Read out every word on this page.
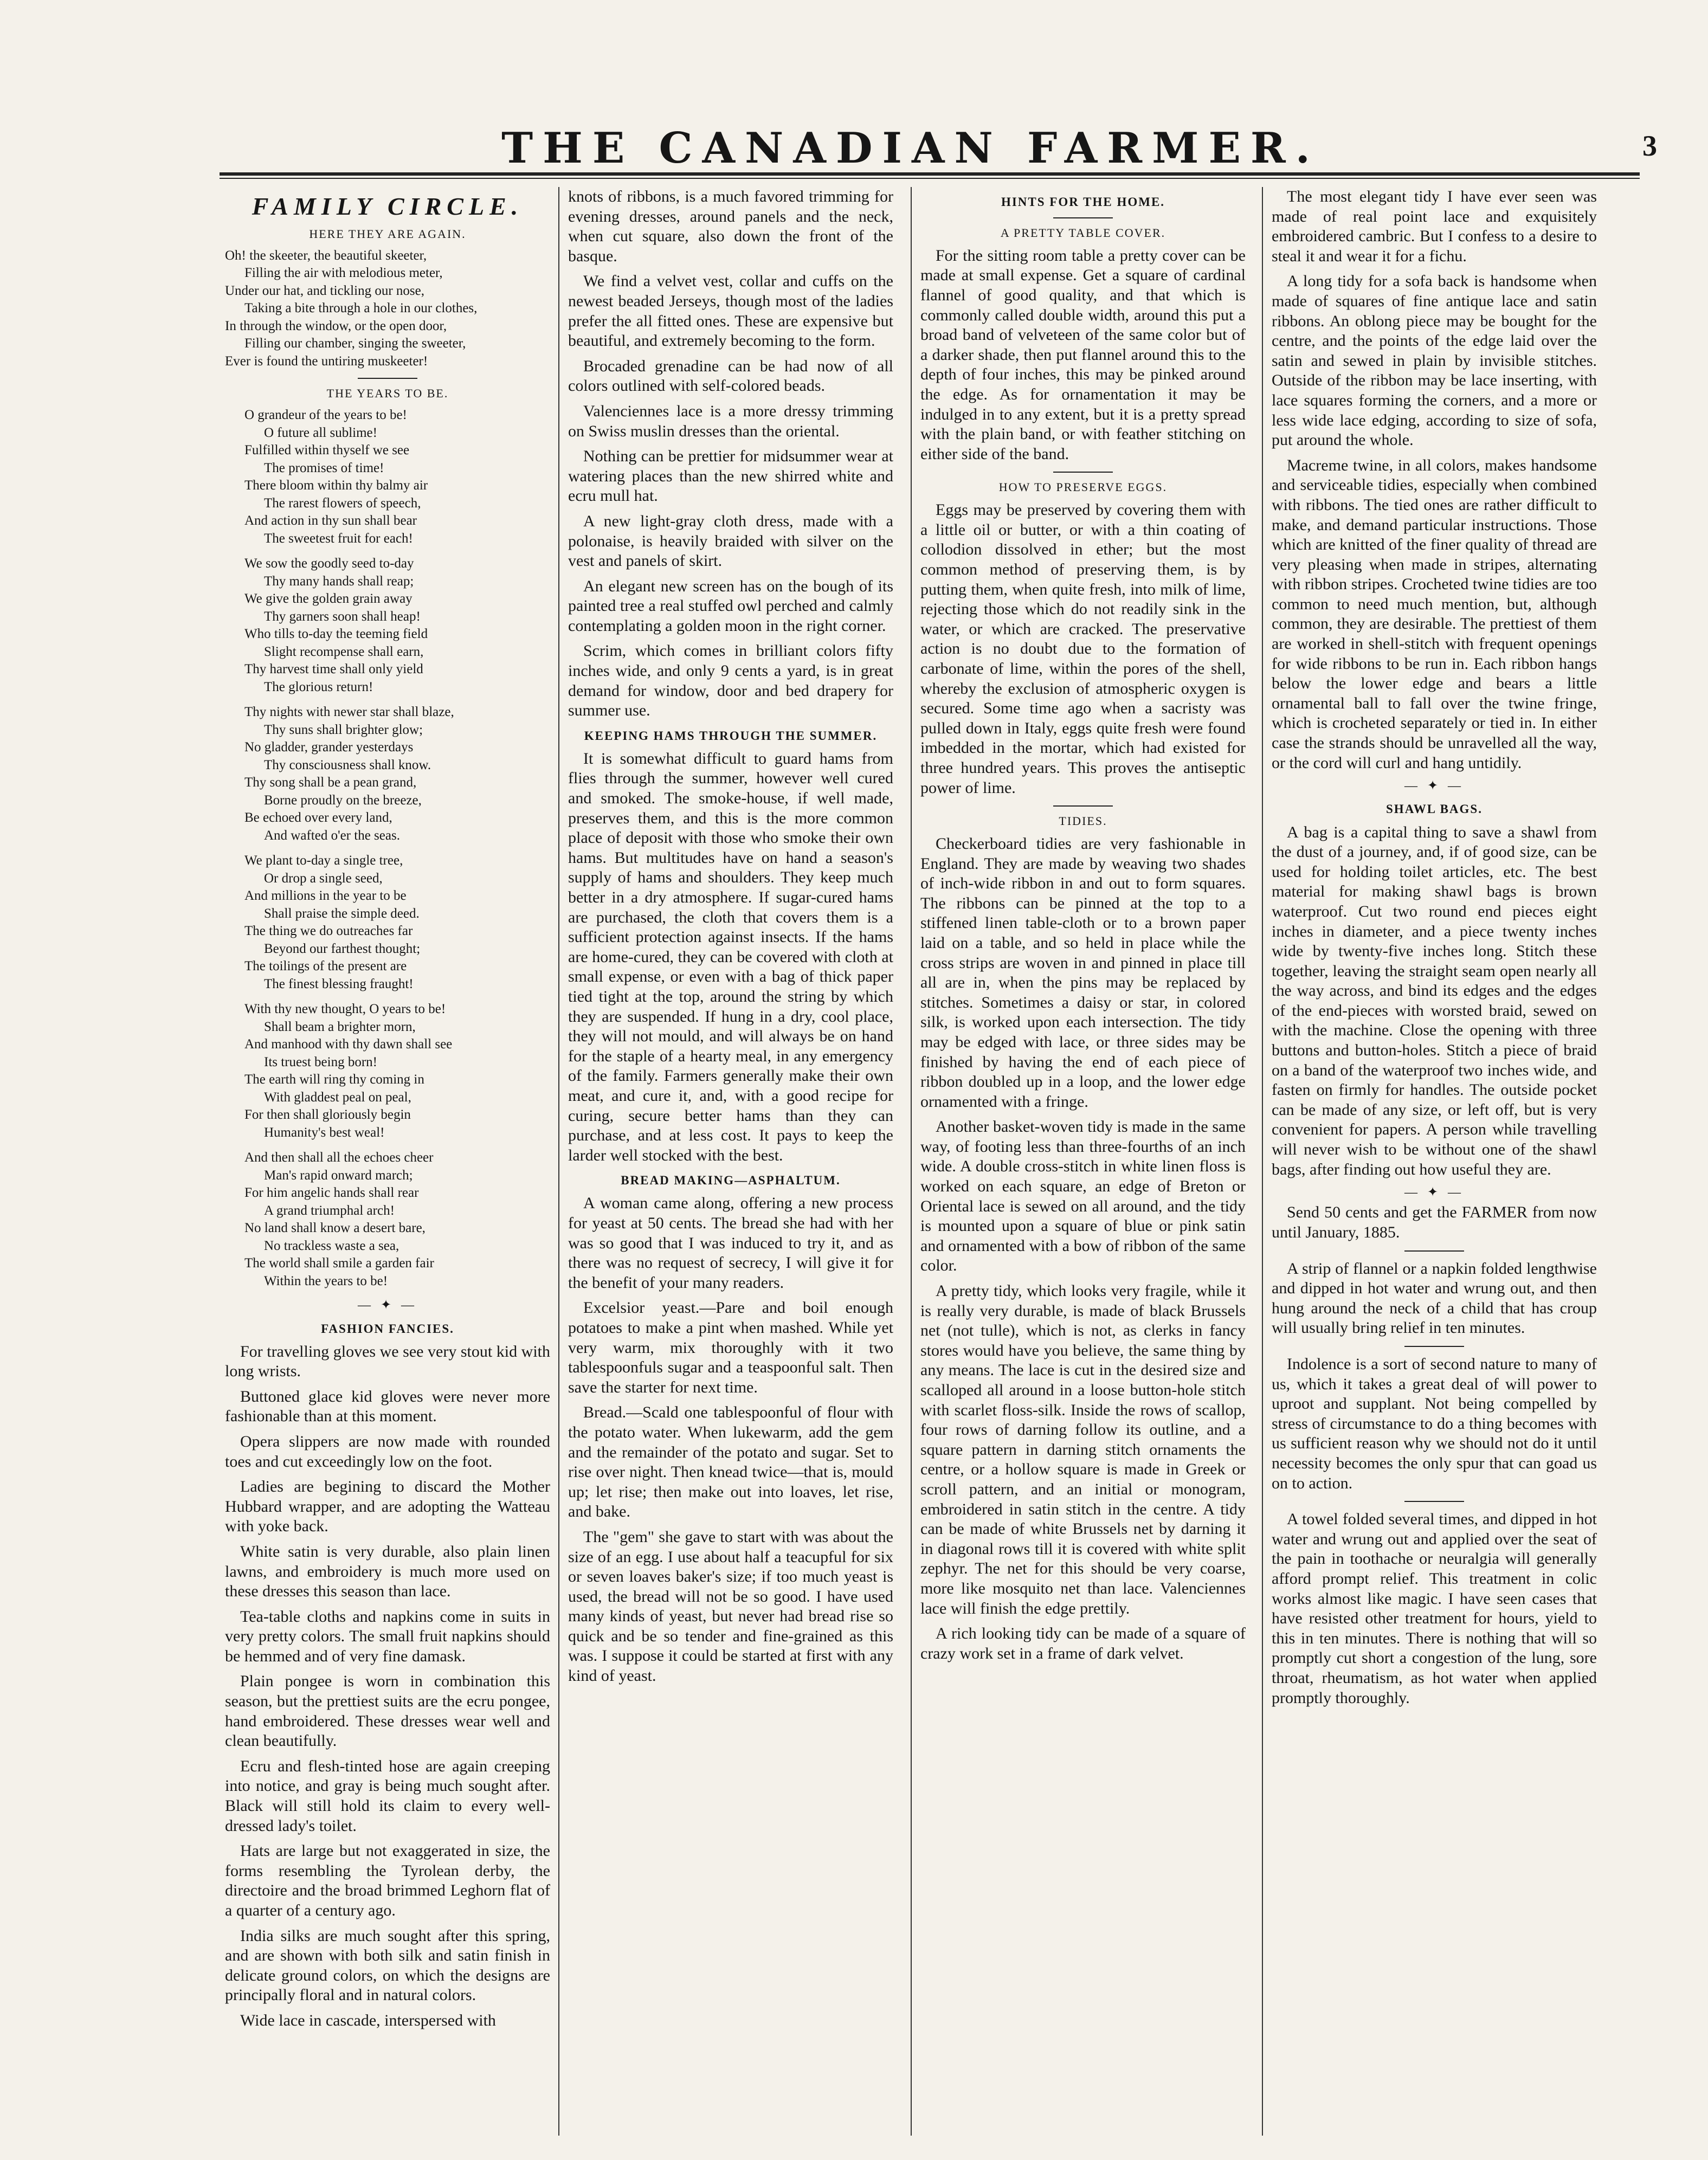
3
THE CANADIAN FARMER.
FAMILY CIRCLE.
HERE THEY ARE AGAIN.
Oh! the skeeter, the beautiful skeeter,
Filling the air with melodious meter,
Under our hat, and tickling our nose,
Taking a bite through a hole in our clothes,
In through the window, or the open door,
Filling our chamber, singing the sweeter,
Ever is found the untiring muskeeter!
THE YEARS TO BE.
O grandeur of the years to be!
O future all sublime!
Fulfilled within thyself we see
The promises of time!
There bloom within thy balmy air
The rarest flowers of speech,
And action in thy sun shall bear
The sweetest fruit for each!
We sow the goodly seed to-day
Thy many hands shall reap;
We give the golden grain away
Thy garners soon shall heap!
Who tills to-day the teeming field
Slight recompense shall earn,
Thy harvest time shall only yield
The glorious return!
Thy nights with newer star shall blaze,
Thy suns shall brighter glow;
No gladder, grander yesterdays
Thy consciousness shall know.
Thy song shall be a pean grand,
Borne proudly on the breeze,
Be echoed over every land,
And wafted o'er the seas.
We plant to-day a single tree,
Or drop a single seed,
And millions in the year to be
Shall praise the simple deed.
The thing we do outreaches far
Beyond our farthest thought;
The toilings of the present are
The finest blessing fraught!
With thy new thought, O years to be!
Shall beam a brighter morn,
And manhood with thy dawn shall see
Its truest being born!
The earth will ring thy coming in
With gladdest peal on peal,
For then shall gloriously begin
Humanity's best weal!
And then shall all the echoes cheer
Man's rapid onward march;
For him angelic hands shall rear
A grand triumphal arch!
No land shall know a desert bare,
No trackless waste a sea,
The world shall smile a garden fair
Within the years to be!
— ✦ —
FASHION FANCIES.

For travelling gloves we see very stout kid with long wrists.

Buttoned glace kid gloves were never more fashionable than at this moment.

Opera slippers are now made with rounded toes and cut exceedingly low on the foot.

Ladies are begining to discard the Mother Hubbard wrapper, and are adopting the Watteau with yoke back.

White satin is very durable, also plain linen lawns, and embroidery is much more used on these dresses this season than lace.

Tea-table cloths and napkins come in suits in very pretty colors. The small fruit napkins should be hemmed and of very fine damask.

Plain pongee is worn in combination this season, but the prettiest suits are the ecru pongee, hand embroidered. These dresses wear well and clean beautifully.

Ecru and flesh-tinted hose are again creeping into notice, and gray is being much sought after. Black will still hold its claim to every well-dressed lady's toilet.

Hats are large but not exaggerated in size, the forms resembling the Tyrolean derby, the directoire and the broad brimmed Leghorn flat of a quarter of a century ago.

India silks are much sought after this spring, and are shown with both silk and satin finish in delicate ground colors, on which the designs are principally floral and in natural colors.

Wide lace in cascade, interspersed with

knots of ribbons, is a much favored trimming for evening dresses, around panels and the neck, when cut square, also down the front of the basque.

We find a velvet vest, collar and cuffs on the newest beaded Jerseys, though most of the ladies prefer the all fitted ones. These are expensive but beautiful, and extremely becoming to the form.

Brocaded grenadine can be had now of all colors outlined with self-colored beads.

Valenciennes lace is a more dressy trimming on Swiss muslin dresses than the oriental.

Nothing can be prettier for midsummer wear at watering places than the new shirred white and ecru mull hat.

A new light-gray cloth dress, made with a polonaise, is heavily braided with silver on the vest and panels of skirt.

An elegant new screen has on the bough of its painted tree a real stuffed owl perched and calmly contemplating a golden moon in the right corner.

Scrim, which comes in brilliant colors fifty inches wide, and only 9 cents a yard, is in great demand for window, door and bed drapery for summer use.

KEEPING HAMS THROUGH THE SUMMER.

It is somewhat difficult to guard hams from flies through the summer, however well cured and smoked. The smoke-house, if well made, preserves them, and this is the more common place of deposit with those who smoke their own hams. But multitudes have on hand a season's supply of hams and shoulders. They keep much better in a dry atmosphere. If sugar-cured hams are purchased, the cloth that covers them is a sufficient protection against insects. If the hams are home-cured, they can be covered with cloth at small expense, or even with a bag of thick paper tied tight at the top, around the string by which they are suspended. If hung in a dry, cool place, they will not mould, and will always be on hand for the staple of a hearty meal, in any emergency of the family. Farmers generally make their own meat, and cure it, and, with a good recipe for curing, secure better hams than they can purchase, and at less cost. It pays to keep the larder well stocked with the best.

BREAD MAKING—ASPHALTUM.

A woman came along, offering a new process for yeast at 50 cents. The bread she had with her was so good that I was induced to try it, and as there was no request of secrecy, I will give it for the benefit of your many readers.

Excelsior yeast.—Pare and boil enough potatoes to make a pint when mashed. While yet very warm, mix thoroughly with it two tablespoonfuls sugar and a teaspoonful salt. Then save the starter for next time.

Bread.—Scald one tablespoonful of flour with the potato water. When lukewarm, add the gem and the remainder of the potato and sugar. Set to rise over night. Then knead twice—that is, mould up; let rise; then make out into loaves, let rise, and bake.

The "gem" she gave to start with was about the size of an egg. I use about half a teacupful for six or seven loaves baker's size; if too much yeast is used, the bread will not be so good. I have used many kinds of yeast, but never had bread rise so quick and be so tender and fine-grained as this was. I suppose it could be started at first with any kind of yeast.

HINTS FOR THE HOME.
A PRETTY TABLE COVER.

For the sitting room table a pretty cover can be made at small expense. Get a square of cardinal flannel of good quality, and that which is commonly called double width, around this put a broad band of velveteen of the same color but of a darker shade, then put flannel around this to the depth of four inches, this may be pinked around the edge. As for ornamentation it may be indulged in to any extent, but it is a pretty spread with the plain band, or with feather stitching on either side of the band.

HOW TO PRESERVE EGGS.

Eggs may be preserved by covering them with a little oil or butter, or with a thin coating of collodion dissolved in ether; but the most common method of preserving them, is by putting them, when quite fresh, into milk of lime, rejecting those which do not readily sink in the water, or which are cracked. The preservative action is no doubt due to the formation of carbonate of lime, within the pores of the shell, whereby the exclusion of atmospheric oxygen is secured. Some time ago when a sacristy was pulled down in Italy, eggs quite fresh were found imbedded in the mortar, which had existed for three hundred years. This proves the antiseptic power of lime.

TIDIES.

Checkerboard tidies are very fashionable in England. They are made by weaving two shades of inch-wide ribbon in and out to form squares. The ribbons can be pinned at the top to a stiffened linen table-cloth or to a brown paper laid on a table, and so held in place while the cross strips are woven in and pinned in place till all are in, when the pins may be replaced by stitches. Sometimes a daisy or star, in colored silk, is worked upon each intersection. The tidy may be edged with lace, or three sides may be finished by having the end of each piece of ribbon doubled up in a loop, and the lower edge ornamented with a fringe.

Another basket-woven tidy is made in the same way, of footing less than three-fourths of an inch wide. A double cross-stitch in white linen floss is worked on each square, an edge of Breton or Oriental lace is sewed on all around, and the tidy is mounted upon a square of blue or pink satin and ornamented with a bow of ribbon of the same color.

A pretty tidy, which looks very fragile, while it is really very durable, is made of black Brussels net (not tulle), which is not, as clerks in fancy stores would have you believe, the same thing by any means. The lace is cut in the desired size and scalloped all around in a loose button-hole stitch with scarlet floss-silk. Inside the rows of scallop, four rows of darning follow its outline, and a square pattern in darning stitch ornaments the centre, or a hollow square is made in Greek or scroll pattern, and an initial or monogram, embroidered in satin stitch in the centre. A tidy can be made of white Brussels net by darning it in diagonal rows till it is covered with white split zephyr. The net for this should be very coarse, more like mosquito net than lace. Valenciennes lace will finish the edge prettily.

A rich looking tidy can be made of a square of crazy work set in a frame of dark velvet.

The most elegant tidy I have ever seen was made of real point lace and exquisitely embroidered cambric. But I confess to a desire to steal it and wear it for a fichu.

A long tidy for a sofa back is handsome when made of squares of fine antique lace and satin ribbons. An oblong piece may be bought for the centre, and the points of the edge laid over the satin and sewed in plain by invisible stitches. Outside of the ribbon may be lace inserting, with lace squares forming the corners, and a more or less wide lace edging, according to size of sofa, put around the whole.

Macreme twine, in all colors, makes handsome and serviceable tidies, especially when combined with ribbons. The tied ones are rather difficult to make, and demand particular instructions. Those which are knitted of the finer quality of thread are very pleasing when made in stripes, alternating with ribbon stripes. Crocheted twine tidies are too common to need much mention, but, although common, they are desirable. The prettiest of them are worked in shell-stitch with frequent openings for wide ribbons to be run in. Each ribbon hangs below the lower edge and bears a little ornamental ball to fall over the twine fringe, which is crocheted separately or tied in. In either case the strands should be unravelled all the way, or the cord will curl and hang untidily.

— ✦ —
SHAWL BAGS.

A bag is a capital thing to save a shawl from the dust of a journey, and, if of good size, can be used for holding toilet articles, etc. The best material for making shawl bags is brown waterproof. Cut two round end pieces eight inches in diameter, and a piece twenty inches wide by twenty-five inches long. Stitch these together, leaving the straight seam open nearly all the way across, and bind its edges and the edges of the end-pieces with worsted braid, sewed on with the machine. Close the opening with three buttons and button-holes. Stitch a piece of braid on a band of the waterproof two inches wide, and fasten on firmly for handles. The outside pocket can be made of any size, or left off, but is very convenient for papers. A person while travelling will never wish to be without one of the shawl bags, after finding out how useful they are.

— ✦ —

Send 50 cents and get the FARMER from now until January, 1885.

A strip of flannel or a napkin folded lengthwise and dipped in hot water and wrung out, and then hung around the neck of a child that has croup will usually bring relief in ten minutes.

Indolence is a sort of second nature to many of us, which it takes a great deal of will power to uproot and supplant. Not being compelled by stress of circumstance to do a thing becomes with us sufficient reason why we should not do it until necessity becomes the only spur that can goad us on to action.

A towel folded several times, and dipped in hot water and wrung out and applied over the seat of the pain in toothache or neuralgia will generally afford prompt relief. This treatment in colic works almost like magic. I have seen cases that have resisted other treatment for hours, yield to this in ten minutes. There is nothing that will so promptly cut short a congestion of the lung, sore throat, rheumatism, as hot water when applied promptly thoroughly.
